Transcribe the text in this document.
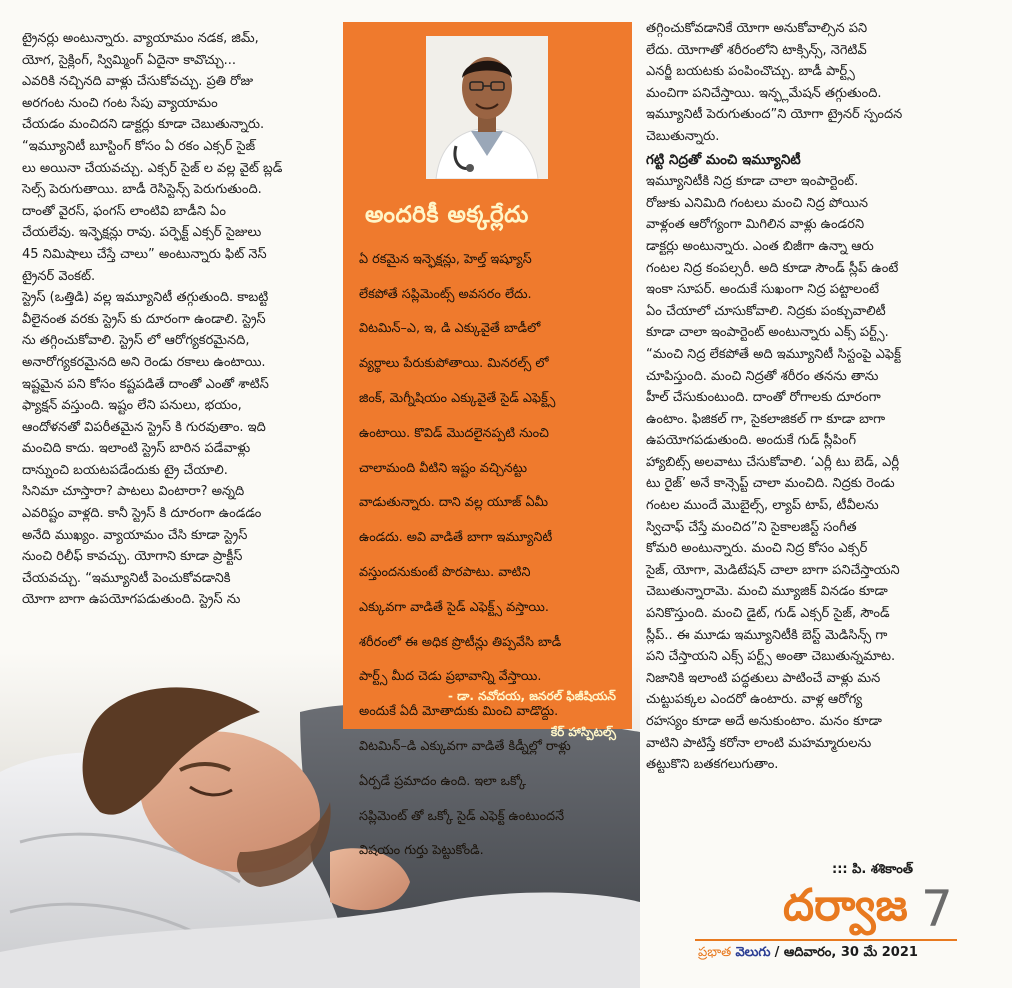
ట్రైనర్లు అంటున్నారు. వ్యాయామం నడక, జిమ్,

యోగ, సైక్లింగ్, స్విమ్మింగ్ ఏదైనా కావొచ్చు...

ఎవరికి నచ్చినది వాళ్లు చేసుకోవచ్చు. ప్రతి రోజు

అరగంట నుంచి గంట సేపు వ్యాయామం

చేయడం మంచిదని డాక్టర్లు కూడా చెబుతున్నారు.

“ఇమ్యూనిటీ బూస్టింగ్ కోసం ఏ రకం ఎక్సర్ సైజ్

లు అయినా చేయవచ్చు. ఎక్సర్ సైజ్ ల వల్ల వైట్ బ్లడ్

సెల్స్ పెరుగుతాయి. బాడీ రెసిస్టెన్స్ పెరుగుతుంది.

దాంతో వైరస్, ఫంగస్ లాంటివి బాడీని ఏం

చేయలేవు. ఇన్ఫెక్షన్లు రావు. పర్ఫెక్ట్ ఎక్సర్ సైజులు

45 నిమిషాలు చేస్తే చాలు” అంటున్నారు ఫిట్ నెస్

ట్రైనర్ వెంకట్.

స్ట్రెస్ (ఒత్తిడి) వల్ల ఇమ్యూనిటీ తగ్గుతుంది. కాబట్టి

వీలైనంత వరకు స్ట్రెస్ కు దూరంగా ఉండాలి. స్ట్రెస్

ను తగ్గించుకోవాలి. స్ట్రెస్ లో ఆరోగ్యకరమైనది,

అనారోగ్యకరమైనది అని రెండు రకాలు ఉంటాయి.

ఇష్టమైన పని కోసం కష్టపడితే దాంతో ఎంతో శాటిస్

ఫ్యాక్షన్ వస్తుంది. ఇష్టం లేని పనులు, భయం,

ఆందోళనతో విపరీతమైన స్ట్రెస్ కి గురవుతాం. ఇది

మంచిది కాదు. ఇలాంటి స్ట్రెస్ బారిన పడేవాళ్లు

దాన్నుంచి బయటపడేందుకు ట్రై చేయాలి.

సినిమా చూస్తారా? పాటలు వింటారా? అన్నది

ఎవరిష్టం వాళ్లది. కానీ స్ట్రెస్ కి దూరంగా ఉండడం

అనేది ముఖ్యం. వ్యాయామం చేసి కూడా స్ట్రెస్

నుంచి రిలీఫ్ కావచ్చు. యోగాని కూడా ప్రాక్టీస్

చేయవచ్చు. “ఇమ్యూనిటీ పెంచుకోవడానికి

యోగా బాగా ఉపయోగపడుతుంది. స్ట్రెస్ ను

అందరికీ అక్కర్లేదు

ఏ రకమైన ఇన్ఫెక్షన్లు, హెల్త్ ఇష్యూస్

లేకపోతే సప్లిమెంట్స్ అవసరం లేదు.

విటమిన్–ఎ, ఇ, డి ఎక్కువైతే బాడీలో

వ్యర్థాలు పేరుకుపోతాయి. మినరల్స్ లో

జింక్, మెగ్నీషియం ఎక్కువైతే సైడ్ ఎఫెక్ట్స్

ఉంటాయి. కొవిడ్ మొదలైనప్పటి నుంచి

చాలామంది వీటిని ఇష్టం వచ్చినట్టు

వాడుతున్నారు. దాని వల్ల యూజ్ ఏమీ

ఉండదు. అవి వాడితే బాగా ఇమ్యూనిటీ

వస్తుందనుకుంటే పొరపాటు. వాటిని

ఎక్కువగా వాడితే సైడ్ ఎఫెక్ట్స్ వస్తాయి.

శరీరంలో ఈ అధిక ప్రొటీన్లు తిప్పవేసి బాడీ

పార్ట్స్ మీద చెడు ప్రభావాన్ని వేస్తాయి.

అందుకే ఏదీ మోతాదుకు మించి వాడొద్దు.

విటమిన్–డి ఎక్కువగా వాడితే కిడ్నీల్లో రాళ్లు

ఏర్పడే ప్రమాదం ఉంది. ఇలా ఒక్కో

సప్లిమెంట్ తో ఒక్కో సైడ్ ఎఫెక్ట్ ఉంటుందనే

విషయం గుర్తు పెట్టుకోండి.

- డా. నవోదయ, జనరల్ ఫిజీషియన్

కేర్ హాస్పిటల్స్

తగ్గించుకోవడానికే యోగా అనుకోవాల్సిన పని

లేదు. యోగాతో శరీరంలోని టాక్సిన్స్, నెగెటివ్

ఎనర్జీ బయటకు పంపించొచ్చు. బాడీ పార్ట్స్

మంచిగా పనిచేస్తాయి. ఇన్ఫ్లమేషన్ తగ్గుతుంది.

ఇమ్యూనిటీ పెరుగుతుంద”ని యోగా ట్రైనర్ స్పందన

చెబుతున్నారు.

గట్టి నిద్రతో మంచి ఇమ్యూనిటీ

ఇమ్యూనిటీకి నిద్ర కూడా చాలా ఇంపార్టెంట్.

రోజుకు ఎనిమిది గంటలు మంచి నిద్ర పోయిన

వాళ్లంత ఆరోగ్యంగా మిగిలిన వాళ్లు ఉండరని

డాక్టర్లు అంటున్నారు. ఎంత బిజీగా ఉన్నా ఆరు

గంటల నిద్ర కంపల్సరీ. అది కూడా సౌండ్ స్లీప్ ఉంటే

ఇంకా సూపర్. అందుకే సుఖంగా నిద్ర పట్టాలంటే

ఏం చేయాలో చూసుకోవాలి. నిద్రకు పంక్చువాలిటీ

కూడా చాలా ఇంపార్టెంట్ అంటున్నారు ఎక్స్ పర్ట్స్.

“మంచి నిద్ర లేకపోతే అది ఇమ్యూనిటీ సిస్టంపై ఎఫెక్ట్

చూపిస్తుంది. మంచి నిద్రతో శరీరం తనను తాను

హీల్ చేసుకుంటుంది. దాంతో రోగాలకు దూరంగా

ఉంటాం. ఫిజికల్ గా, సైకలాజికల్ గా కూడా బాగా

ఉపయోగపడుతుంది. అందుకే గుడ్ స్లీపింగ్

హ్యాబిట్స్ అలవాటు చేసుకోవాలి. ‘ఎర్లీ టు బెడ్, ఎర్లీ

టు రైజ్’ అనే కాన్సెప్ట్ చాలా మంచిది. నిద్రకు రెండు

గంటల ముందే మొబైల్స్, ల్యాప్ టాప్, టీవీలను

స్విచాఫ్ చేస్తే మంచిద”ని సైకాలజిస్ట్ సంగీత

కోమరి అంటున్నారు. మంచి నిద్ర కోసం ఎక్సర్

సైజ్, యోగా, మెడిటేషన్ చాలా బాగా పనిచేస్తాయని

చెబుతున్నారామె. మంచి మ్యూజిక్ వినడం కూడా

పనికొస్తుంది. మంచి డైట్, గుడ్ ఎక్సర్ సైజ్, సౌండ్

స్లీప్.. ఈ మూడు ఇమ్యూనిటీకి బెస్ట్ మెడిసిన్స్ గా

పని చేస్తాయని ఎక్స్ పర్ట్స్ అంతా చెబుతున్నమాట.

నిజానికి ఇలాంటి పద్ధతులు పాటించే వాళ్లు మన

చుట్టుపక్కల ఎందరో ఉంటారు. వాళ్ల ఆరోగ్య

రహస్యం కూడా అదే అనుకుంటాం. మనం కూడా

వాటిని పాటిస్తే కరోనా లాంటి మహమ్మారులను

తట్టుకొని బతకగలుగుతాం.

::: పి. శశికాంత్
దర్వాజ 7
ప్రభాత వెలుగు / ఆదివారం, 30 మే 2021
